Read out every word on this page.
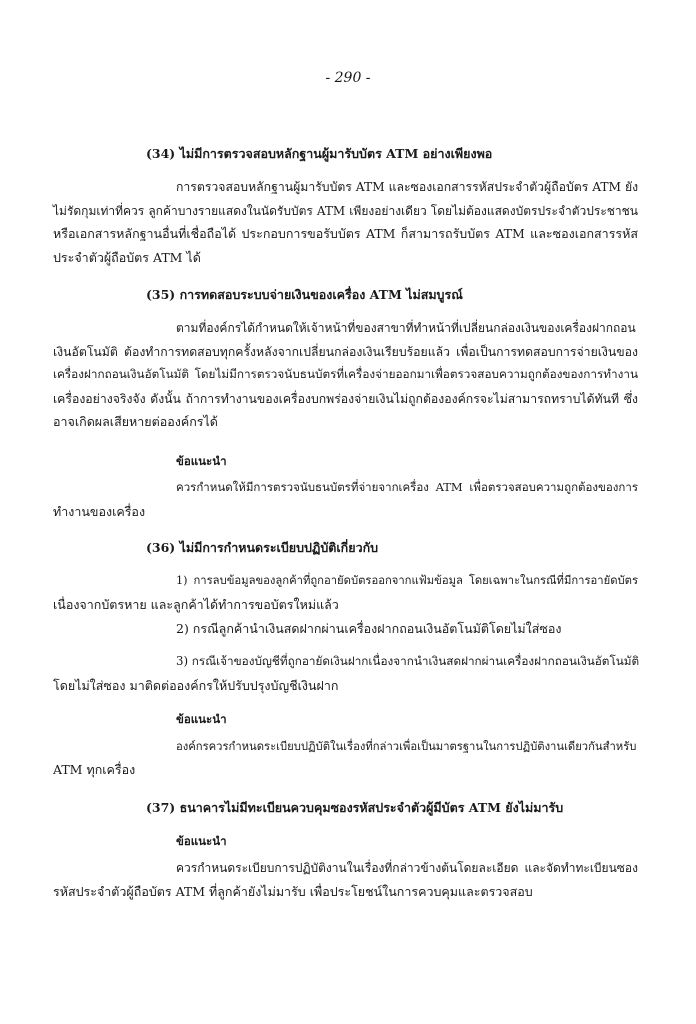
- 290 -
(34) ไม่มีการตรวจสอบหลักฐานผู้มารับบัตร ATM อย่างเพียงพอ
การตรวจสอบหลักฐานผู้มารับบัตร ATM และซองเอกสารรหัสประจำตัวผู้ถือบัตร ATM ยัง
ไม่รัดกุมเท่าที่ควร ลูกค้าบางรายแสดงในนัดรับบัตร ATM เพียงอย่างเดียว โดยไม่ต้องแสดงบัตรประจำตัวประชาชน
หรือเอกสารหลักฐานอื่นที่เชื่อถือได้ ประกอบการขอรับบัตร ATM ก็สามารถรับบัตร ATM และซองเอกสารรหัส
ประจำตัวผู้ถือบัตร ATM ได้
(35) การทดสอบระบบจ่ายเงินของเครื่อง ATM ไม่สมบูรณ์
ตามที่องค์กรได้กำหนดให้เจ้าหน้าที่ของสาขาที่ทำหน้าที่เปลี่ยนกล่องเงินของเครื่องฝากถอน
เงินอัตโนมัติ ต้องทำการทดสอบทุกครั้งหลังจากเปลี่ยนกล่องเงินเรียบร้อยแล้ว เพื่อเป็นการทดสอบการจ่ายเงินของ
เครื่องฝากถอนเงินอัตโนมัติ โดยไม่มีการตรวจนับธนบัตรที่เครื่องจ่ายออกมาเพื่อตรวจสอบความถูกต้องของการทำงาน
เครื่องอย่างจริงจัง ดังนั้น ถ้าการทำงานของเครื่องบกพร่องจ่ายเงินไม่ถูกต้ององค์กรจะไม่สามารถทราบได้ทันที ซึ่ง
อาจเกิดผลเสียหายต่อองค์กรได้
ข้อแนะนำ
ควรกำหนดให้มีการตรวจนับธนบัตรที่จ่ายจากเครื่อง ATM เพื่อตรวจสอบความถูกต้องของการ
ทำงานของเครื่อง
(36) ไม่มีการกำหนดระเบียบปฏิบัติเกี่ยวกับ
1) การลบข้อมูลของลูกค้าที่ถูกอายัดบัตรออกจากแฟ้มข้อมูล โดยเฉพาะในกรณีที่มีการอายัดบัตร
เนื่องจากบัตรหาย และลูกค้าได้ทำการขอบัตรใหม่แล้ว
2) กรณีลูกค้านำเงินสดฝากผ่านเครื่องฝากถอนเงินอัตโนมัติโดยไม่ใส่ซอง
3) กรณีเจ้าของบัญชีที่ถูกอายัดเงินฝากเนื่องจากนำเงินสดฝากผ่านเครื่องฝากถอนเงินอัตโนมัติ
โดยไม่ใส่ซอง มาติดต่อองค์กรให้ปรับปรุงบัญชีเงินฝาก
ข้อแนะนำ
องค์กรควรกำหนดระเบียบปฏิบัติในเรื่องที่กล่าวเพื่อเป็นมาตรฐานในการปฏิบัติงานเดียวกันสำหรับ
ATM ทุกเครื่อง
(37) ธนาคารไม่มีทะเบียนควบคุมซองรหัสประจำตัวผู้มีบัตร ATM ยังไม่มารับ
ข้อแนะนำ
ควรกำหนดระเบียบการปฏิบัติงานในเรื่องที่กล่าวข้างต้นโดยละเอียด และจัดทำทะเบียนซอง
รหัสประจำตัวผู้ถือบัตร ATM ที่ลูกค้ายังไม่มารับ เพื่อประโยชน์ในการควบคุมและตรวจสอบ
